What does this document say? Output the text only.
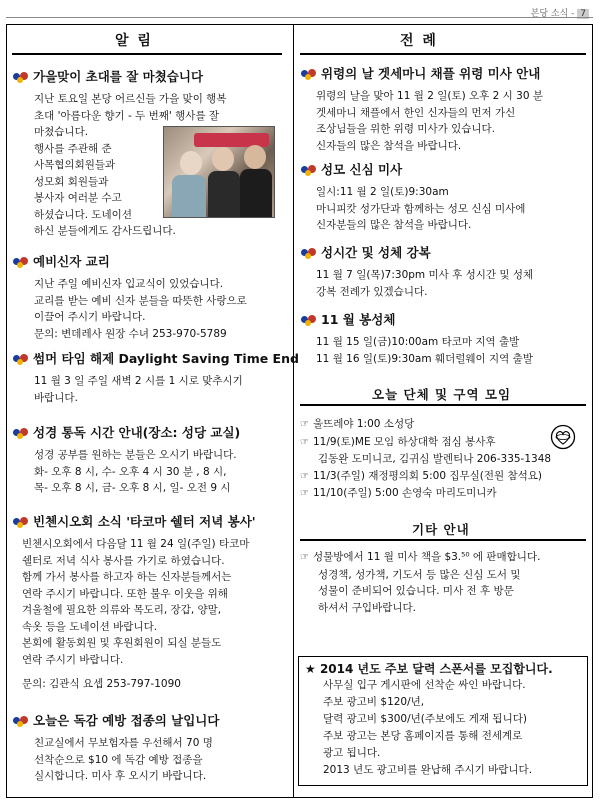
본당 소식 - 7
알 림
가을맞이 초대를 잘 마쳤습니다

지난 토요일 본당 어르신들 가을 맞이 행복

초대 '아름다운 향기 - 두 번째' 행사를 잘

마쳤습니다.

행사를 주관해 준

사목협의회원들과

성모회 회원들과

봉사자 여러분 수고

하셨습니다. 도네이션

하신 분들에게도 감사드립니다.

예비신자 교리

지난 주일 예비신자 입교식이 있었습니다.

교리를 받는 예비 신자 분들을 따뜻한 사랑으로

이끌어 주시기 바랍니다.

문의: 변데레사 원장 수녀 253-970-5789

썸머 타임 해제 Daylight Saving Time End

11 월 3 일 주일 새벽 2 시를 1 시로 맞추시기

바랍니다.

성경 통독 시간 안내(장소: 성당 교실)

성경 공부를 원하는 분들은 오시기 바랍니다.

화- 오후 8 시, 수- 오후 4 시 30 분 , 8 시,

목- 오후 8 시, 금- 오후 8 시, 일- 오전 9 시

빈첸시오회 소식 '타코마 쉘터 저녁 봉사'

빈첸시오회에서 다음달 11 월 24 일(주일) 타코마

쉘터로 저녁 식사 봉사를 가기로 하였습니다.

함께 가서 봉사를 하고자 하는 신자분들께서는

연락 주시기 바랍니다. 또한 불우 이웃을 위해

겨울철에 필요한 의류와 목도리, 장갑, 양말,

속옷 등을 도네이션 바랍니다.

본회에 활동회원 및 후원회원이 되실 분들도

연락 주시기 바랍니다.

문의: 김관식 요셉 253-797-1090

오늘은 독감 예방 접종의 날입니다

친교실에서 무보험자를 우선해서 70 명

선착순으로 $10 에 독감 예방 접종을

실시합니다. 미사 후 오시기 바랍니다.

전 례
위령의 날 겟세마니 채플 위령 미사 안내

위령의 날을 맞아 11 월 2 일(토) 오후 2 시 30 분

겟세마니 채플에서 한인 신자들의 먼저 가신

조상님들을 위한 위령 미사가 있습니다.

신자들의 많은 참석을 바랍니다.

성모 신심 미사

일시:11 월 2 일(토)9:30am

마니피캇 성가단과 함께하는 성모 신심 미사에

신자분들의 많은 참석을 바랍니다.

성시간 및 성체 강복

11 월 7 일(목)7:30pm 미사 후 성시간 및 성체

강복 전례가 있겠습니다.

11 월 봉성체

11 월 15 일(금)10:00am 타코마 지역 출발

11 월 16 일(토)9:30am 훼더럴웨이 지역 출발

오늘 단체 및 구역 모임

☞ 울뜨레야 1:00 소성당

☞ 11/9(토)ME 모임 하상대학 점심 봉사후

김동완 도미니코, 김귀심 발렌티나 206-335-1348

☞ 11/3(주일) 재정평의회 5:00 집무실(전원 참석요)

☞ 11/10(주일) 5:00 손영숙 마리도미니카

기타 안내

☞ 성물방에서 11 월 미사 책을 $3.⁵⁰ 에 판매합니다.

성경책, 성가책, 기도서 등 많은 신심 도서 및

성물이 준비되어 있습니다. 미사 전 후 방문

하셔서 구입바랍니다.

★ 2014 년도 주보 달력 스폰서를 모집합니다.

사무실 입구 게시판에 선착순 싸인 바랍니다.

주보 광고비 $120/년,

달력 광고비 $300/년(주보에도 게재 됩니다)

주보 광고는 본당 홈페이지를 통해 전세계로

광고 됩니다.

2013 년도 광고비를 완납해 주시기 바랍니다.
